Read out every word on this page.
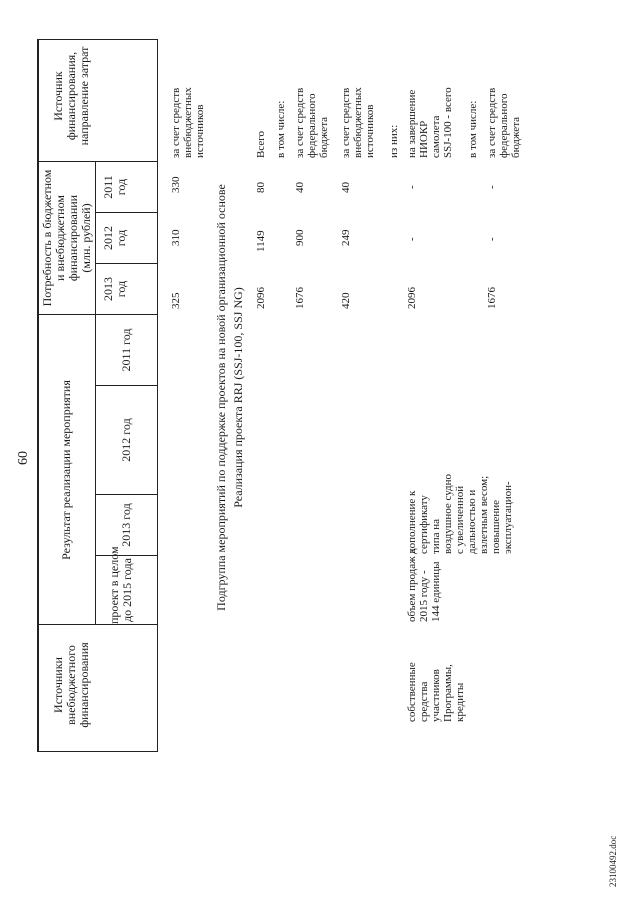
60
Источник финансирования, направление затрат
Потребность в бюджетном и внебюджетном финансировании (млн. рублей)
2011 год
2012 год
2013 год
Результат реализации мероприятия
2011 год
2012 год
2013 год
проект в целом до 2015 года
Источники внебюджетного финансирования
за счет средств внебюджетных источников
330
310
325	Подгруппа мероприятий по поддержке проектов на новой организационной основе Реализация проекта RRJ (SSJ-100, SSJ NG)
Всего
80
1149
2096
в том числе: за счет средств федерального бюджета
40
900
1676
за счет средств внебюджетных источников
40
249
420
из них: на завершение НИОКР самолета SSJ-100 - всего
-
-
2096
дополнение к сертификату типа на воздушное судно с увеличенной дальностью и взлетным весом; повышение эксплуатацион-
объем продаж к 2015 году - 144 единицы
собственные средства участников Программы, кредиты
в том числе: за счет средств федерального бюджета
-
-
1676
23100492.doc
